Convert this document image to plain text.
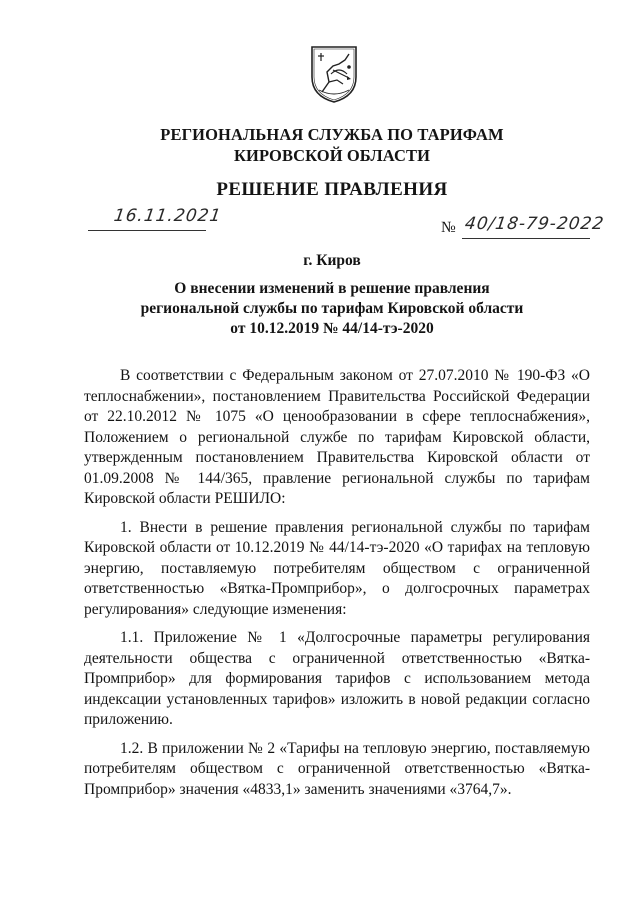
РЕГИОНАЛЬНАЯ СЛУЖБА ПО ТАРИФАМ
КИРОВСКОЙ ОБЛАСТИ
РЕШЕНИЕ ПРАВЛЕНИЯ
16.11.2021
№ 40/18-79-2022
г. Киров
О внесении изменений в решение правления
региональной службы по тарифам Кировской области
от 10.12.2019 № 44/14-тэ-2020

В соответствии с Федеральным законом от 27.07.2010 № 190-ФЗ «О теплоснабжении», постановлением Правительства Российской Федерации от 22.10.2012 № 1075 «О ценообразовании в сфере теплоснабжения», Положением о региональной службе по тарифам Кировской области, утвержденным постановлением Правительства Кировской области от 01.09.2008 № 144/365, правление региональной службы по тарифам Кировской области РЕШИЛО:

1. Внести в решение правления региональной службы по тарифам Кировской области от 10.12.2019 № 44/14-тэ-2020 «О тарифах на тепловую энергию, поставляемую потребителям обществом с ограниченной ответственностью «Вятка-Промприбор», о долгосрочных параметрах регулирования» следующие изменения:

1.1. Приложение № 1 «Долгосрочные параметры регулирования деятельности общества с ограниченной ответственностью «Вятка-Промприбор» для формирования тарифов с использованием метода индексации установленных тарифов» изложить в новой редакции согласно приложению.

1.2. В приложении № 2 «Тарифы на тепловую энергию, поставляемую потребителям обществом с ограниченной ответственностью «Вятка-Промприбор» значения «4833,1» заменить значениями «3764,7».
